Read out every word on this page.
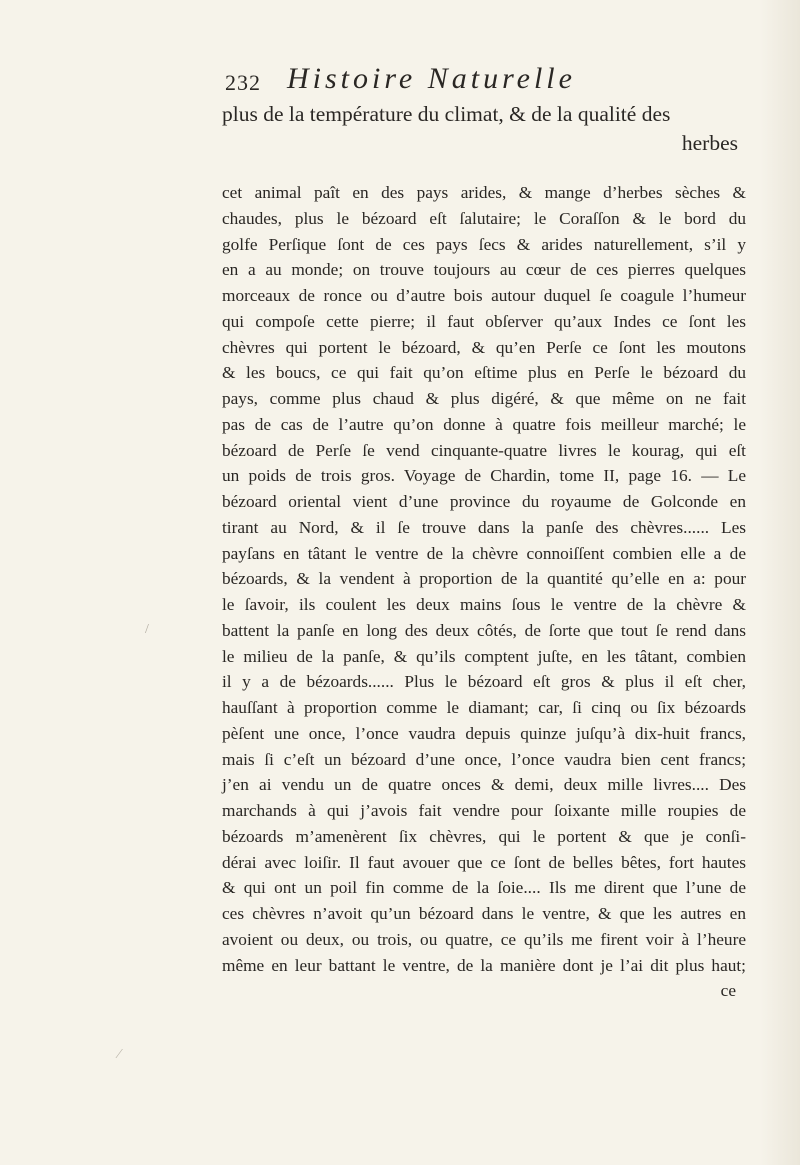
232 Histoire Naturelle
plus de la température du climat, & de la qualité des
herbes
cet animal paît en des pays arides, & mange d’herbes sèches &
chaudes, plus le bézoard eſt ſalutaire; le Coraſſon & le bord du
golfe Perſique ſont de ces pays ſecs & arides naturellement, s’il y
en a au monde; on trouve toujours au cœur de ces pierres quelques
morceaux de ronce ou d’autre bois autour duquel ſe coagule l’humeur
qui compoſe cette pierre; il faut obſerver qu’aux Indes ce ſont les
chèvres qui portent le bézoard, & qu’en Perſe ce ſont les moutons
& les boucs, ce qui fait qu’on eſtime plus en Perſe le bézoard du
pays, comme plus chaud & plus digéré, & que même on ne fait
pas de cas de l’autre qu’on donne à quatre fois meilleur marché; le
bézoard de Perſe ſe vend cinquante-quatre livres le kourag, qui eſt
un poids de trois gros. Voyage de Chardin, tome II, page 16. — Le
bézoard oriental vient d’une province du royaume de Golconde en
tirant au Nord, & il ſe trouve dans la panſe des chèvres...... Les
payſans en tâtant le ventre de la chèvre connoiſſent combien elle a de
bézoards, & la vendent à proportion de la quantité qu’elle en a: pour
le ſavoir, ils coulent les deux mains ſous le ventre de la chèvre &
battent la panſe en long des deux côtés, de ſorte que tout ſe rend dans
le milieu de la panſe, & qu’ils comptent juſte, en les tâtant, combien
il y a de bézoards...... Plus le bézoard eſt gros & plus il eſt cher,
hauſſant à proportion comme le diamant; car, ſi cinq ou ſix bézoards
pèſent une once, l’once vaudra depuis quinze juſqu’à dix-huit francs,
mais ſi c’eſt un bézoard d’une once, l’once vaudra bien cent francs;
j’en ai vendu un de quatre onces & demi, deux mille livres.... Des
marchands à qui j’avois fait vendre pour ſoixante mille roupies de
bézoards m’amenèrent ſix chèvres, qui le portent & que je conſi-
dérai avec loiſir. Il faut avouer que ce ſont de belles bêtes, fort hautes
& qui ont un poil fin comme de la ſoie.... Ils me dirent que l’une de
ces chèvres n’avoit qu’un bézoard dans le ventre, & que les autres en
avoient ou deux, ou trois, ou quatre, ce qu’ils me firent voir à l’heure
même en leur battant le ventre, de la manière dont je l’ai dit plus haut;
ce
/
⁄
